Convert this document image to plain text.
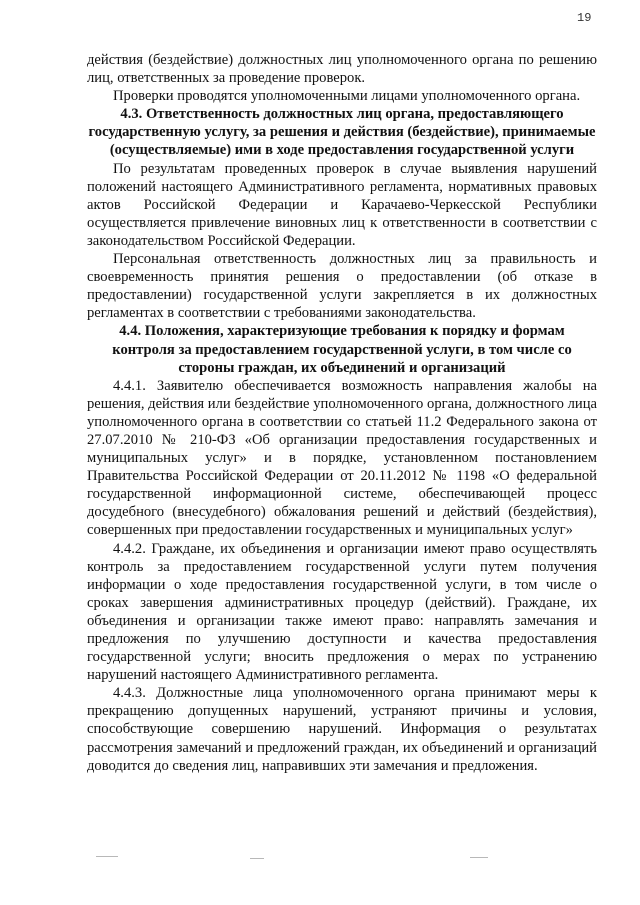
19

действия (бездействие) должностных лиц уполномоченного органа по решению лиц, ответственных за проведение проверок.

Проверки проводятся уполномоченными лицами уполномоченного органа.

4.3. Ответственность должностных лиц органа, предоставляющего государственную услугу, за решения и действия (бездействие), принимаемые (осуществляемые) ими в ходе предоставления государственной услуги

По результатам проведенных проверок в случае выявления нарушений положений настоящего Административного регламента, нормативных правовых актов Российской Федерации и Карачаево-Черкесской Республики осуществляется привлечение виновных лиц к ответственности в соответствии с законодательством Российской Федерации.

Персональная ответственность должностных лиц за правильность и своевременность принятия решения о предоставлении (об отказе в предоставлении) государственной услуги закрепляется в их должностных регламентах в соответствии с требованиями законодательства.

4.4. Положения, характеризующие требования к порядку и формам контроля за предоставлением государственной услуги, в том числе со стороны граждан, их объединений и организаций

4.4.1. Заявителю обеспечивается возможность направления жалобы на решения, действия или бездействие уполномоченного органа, должностного лица уполномоченного органа в соответствии со статьей 11.2 Федерального закона от 27.07.2010 № 210-ФЗ «Об организации предоставления государственных и муниципальных услуг» и в порядке, установленном постановлением Правительства Российской Федерации от 20.11.2012 № 1198 «О федеральной государственной информационной системе, обеспечивающей процесс досудебного (внесудебного) обжалования решений и действий (бездействия), совершенных при предоставлении государственных и муниципальных услуг»

4.4.2. Граждане, их объединения и организации имеют право осуществлять контроль за предоставлением государственной услуги путем получения информации о ходе предоставления государственной услуги, в том числе о сроках завершения административных процедур (действий). Граждане, их объединения и организации также имеют право: направлять замечания и предложения по улучшению доступности и качества предоставления государственной услуги; вносить предложения о мерах по устранению нарушений настоящего Административного регламента.

4.4.3. Должностные лица уполномоченного органа принимают меры к прекращению допущенных нарушений, устраняют причины и условия, способствующие совершению нарушений. Информация о результатах рассмотрения замечаний и предложений граждан, их объединений и организаций доводится до сведения лиц, направивших эти замечания и предложения.
